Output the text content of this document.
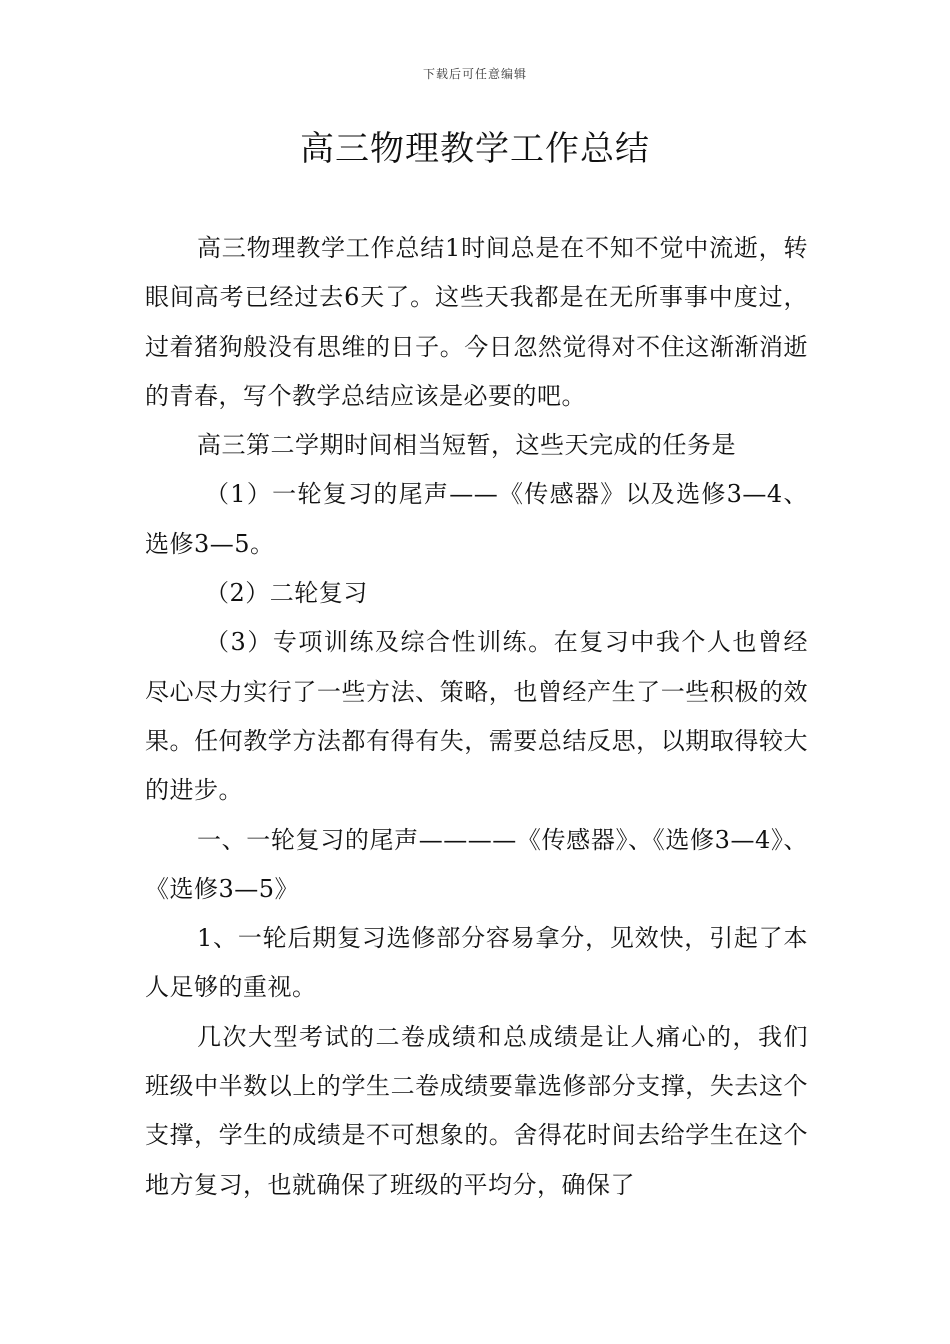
下载后可任意编辑
高三物理教学工作总结

高三物理教学工作总结1时间总是在不知不觉中流逝，转眼间高考已经过去6天了。这些天我都是在无所事事中度过，过着猪狗般没有思维的日子。今日忽然觉得对不住这渐渐消逝的青春，写个教学总结应该是必要的吧。

高三第二学期时间相当短暂，这些天完成的任务是

（1）一轮复习的尾声——《传感器》以及选修3—4、选修3—5。

（2）二轮复习

（3）专项训练及综合性训练。在复习中我个人也曾经尽心尽力实行了一些方法、策略，也曾经产生了一些积极的效果。任何教学方法都有得有失，需要总结反思，以期取得较大的进步。

一、一轮复习的尾声————《传感器》、《选修3—4》、《选修3—5》

1、一轮后期复习选修部分容易拿分，见效快，引起了本人足够的重视。

几次大型考试的二卷成绩和总成绩是让人痛心的，我们班级中半数以上的学生二卷成绩要靠选修部分支撑，失去这个支撑，学生的成绩是不可想象的。舍得花时间去给学生在这个地方复习，也就确保了班级的平均分，确保了
